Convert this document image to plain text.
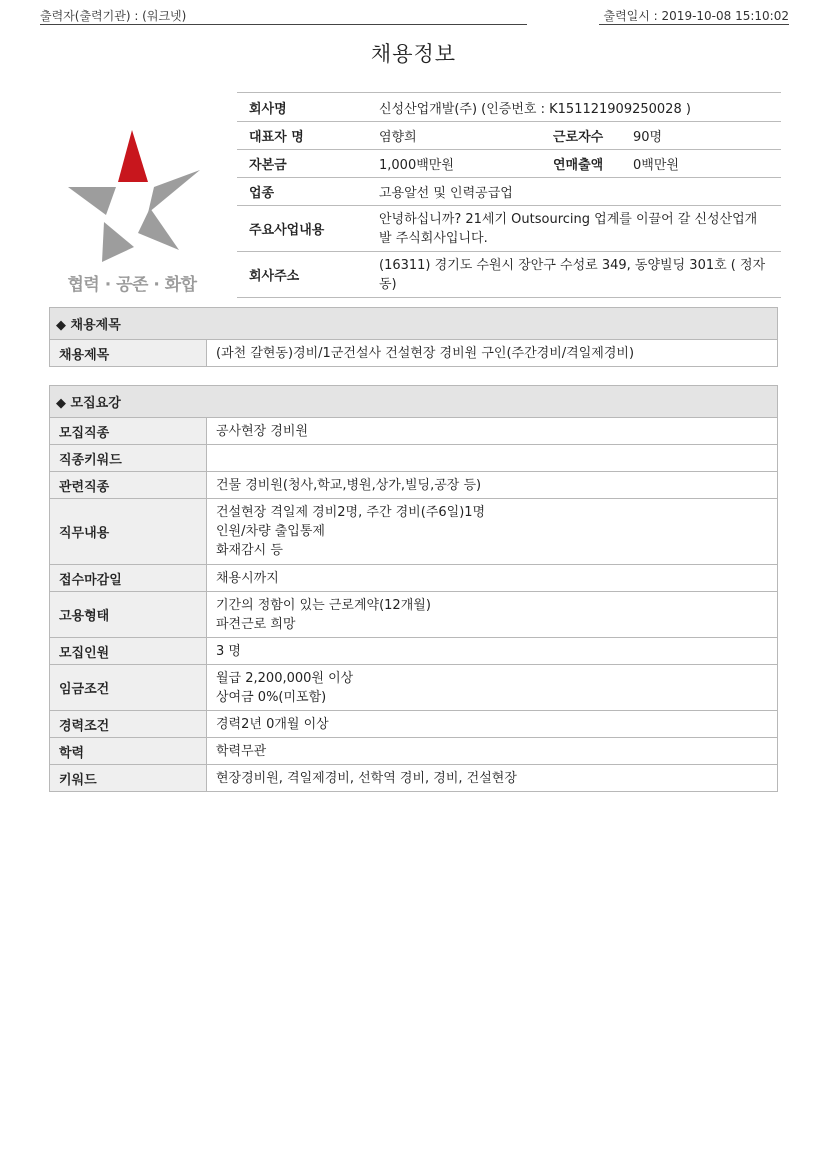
출력자(출력기관) : (워크넷)	출력일시 : 2019-10-08 15:10:02
채용정보
협력 · 공존 · 화합
회사명	신성산업개발(주) (인증번호 : K151121909250028 )		
대표자 명	염향희	근로자수	90명
자본금	1,000백만원	연매출액	0백만원
업종	고용알선 및 인력공급업		
주요사업내용	안녕하십니까? 21세기 Outsourcing 업계를 이끌어 갈 신성산업개발 주식회사입니다.		
회사주소	(16311) 경기도 수원시 장안구 수성로 349, 동양빌딩 301호 ( 정자동)		
◆ 채용제목
채용제목	(과천 갈현동)경비/1군건설사 건설현장 경비원 구인(주간경비/격일제경비)
◆ 모집요강	
모집직종	공사현장 경비원
직종키워드	
관련직종	건물 경비원(청사,학교,병원,상가,빌딩,공장 등)
직무내용	건설현장 격일제 경비2명, 주간 경비(주6일)1명
인원/차량 출입통제
화재감시 등
접수마감일	채용시까지
고용형태	기간의 정함이 있는 근로계약(12개월)
파견근로 희망
모집인원	3 명
임금조건	월급 2,200,000원 이상
상여금 0%(미포함)
경력조건	경력2년 0개월 이상
학력	학력무관
키워드	현장경비원, 격일제경비, 선학역 경비, 경비, 건설현장
